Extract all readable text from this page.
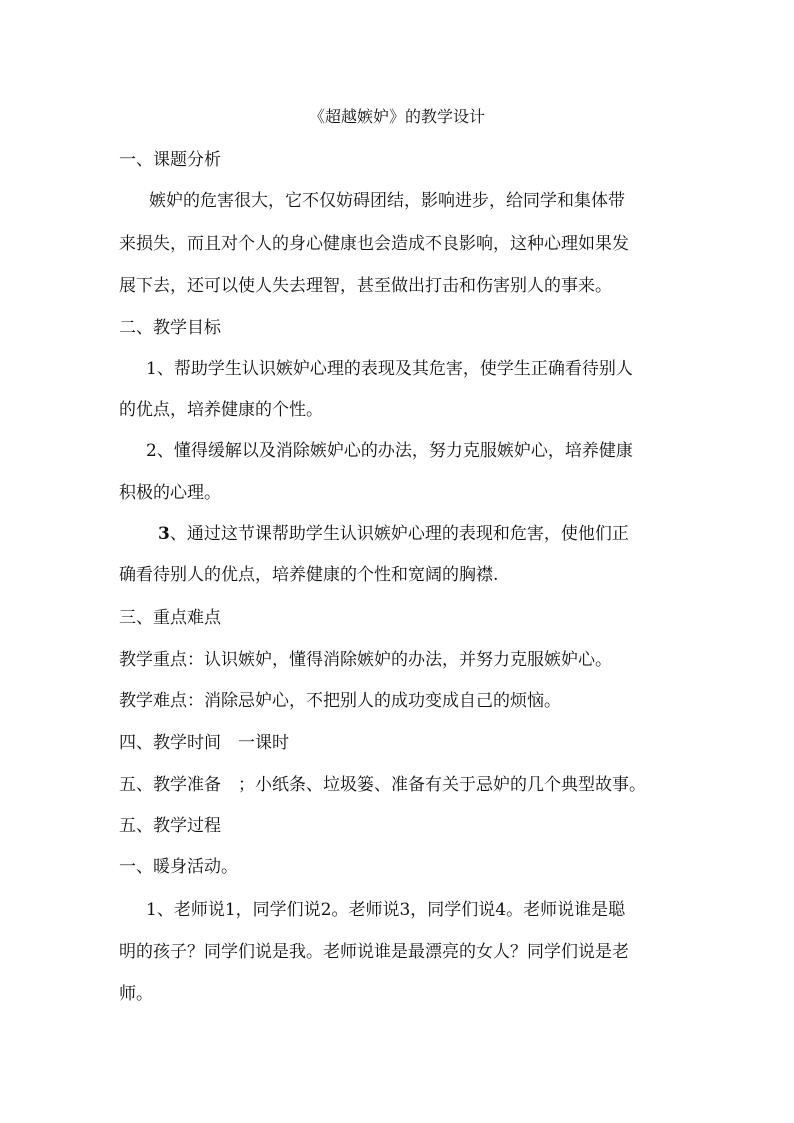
《超越嫉妒》的教学设计

一、课题分析

嫉妒的危害很大，它不仅妨碍团结，影响进步，给同学和集体带

来损失，而且对个人的身心健康也会造成不良影响，这种心理如果发

展下去，还可以使人失去理智，甚至做出打击和伤害别人的事来。

二、教学目标

1、帮助学生认识嫉妒心理的表现及其危害，使学生正确看待别人

的优点，培养健康的个性。

2、懂得缓解以及消除嫉妒心的办法，努力克服嫉妒心，培养健康

积极的心理。

3、通过这节课帮助学生认识嫉妒心理的表现和危害，使他们正

确看待别人的优点，培养健康的个性和宽阔的胸襟.

三、重点难点

教学重点：认识嫉妒，懂得消除嫉妒的办法，并努力克服嫉妒心。

教学难点：消除忌妒心，不把别人的成功变成自己的烦恼。

四、教学时间　一课时

五、教学准备　；小纸条、垃圾篓、准备有关于忌妒的几个典型故事。

五、教学过程

一、暖身活动。

1、老师说1，同学们说2。老师说3，同学们说4。老师说谁是聪

明的孩子？同学们说是我。老师说谁是最漂亮的女人？同学们说是老

师。
